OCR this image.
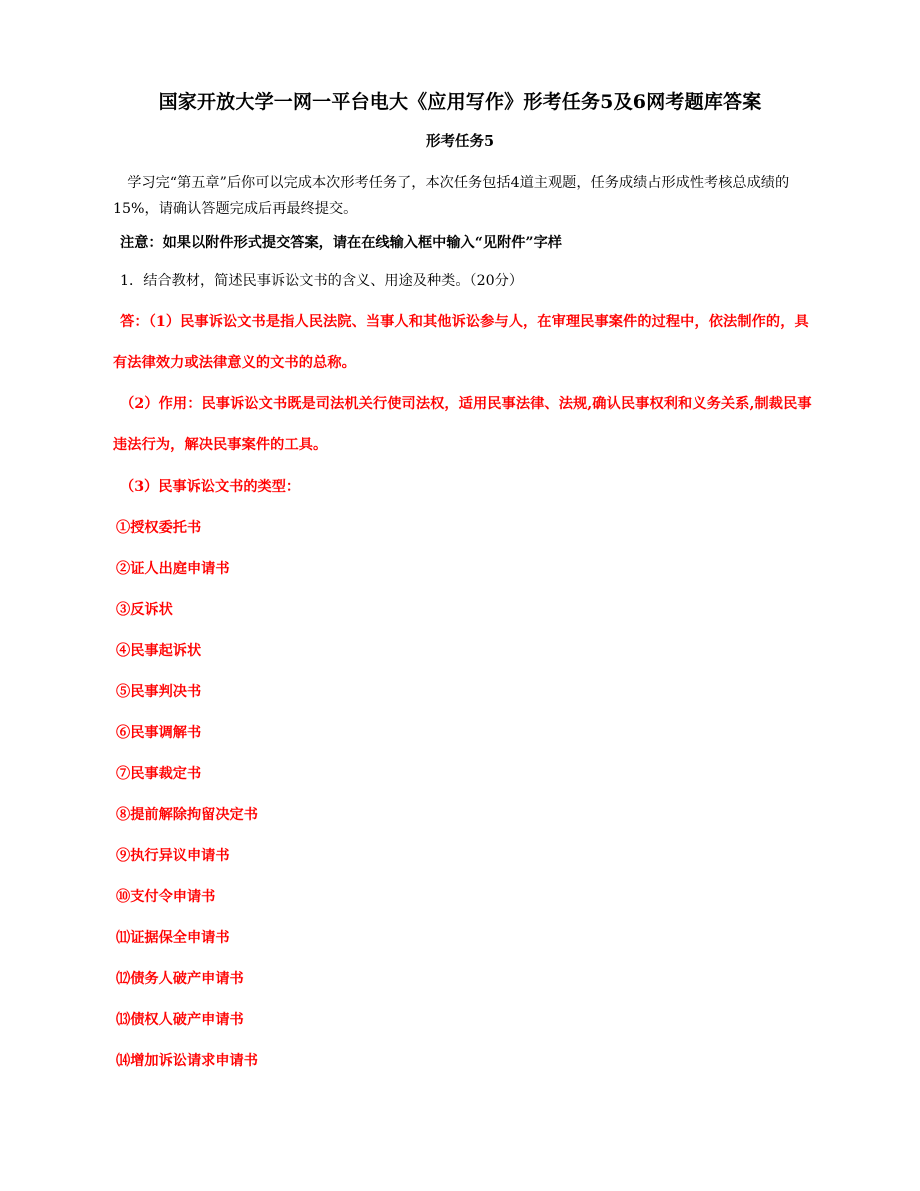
国家开放大学一网一平台电大《应用写作》形考任务5及6网考题库答案
形考任务5
学习完“第五章”后你可以完成本次形考任务了，本次任务包括4道主观题，任务成绩占形成性考核总成绩的15%，请确认答题完成后再最终提交。
注意：如果以附件形式提交答案，请在在线输入框中输入“见附件”字样
1．结合教材，简述民事诉讼文书的含义、用途及种类。（20分）
答：（1）民事诉讼文书是指人民法院、当事人和其他诉讼参与人，在审理民事案件的过程中，依法制作的，具有法律效力或法律意义的文书的总称。
（2）作用：民事诉讼文书既是司法机关行使司法权，适用民事法律、法规,确认民事权利和义务关系,制裁民事违法行为，解决民事案件的工具。
（3）民事诉讼文书的类型：
①授权委托书
②证人出庭申请书
③反诉状
④民事起诉状
⑤民事判决书
⑥民事调解书
⑦民事裁定书
⑧提前解除拘留决定书
⑨执行异议申请书
⑩支付令申请书
⑾证据保全申请书
⑿债务人破产申请书
⒀债权人破产申请书
⒁增加诉讼请求申请书
